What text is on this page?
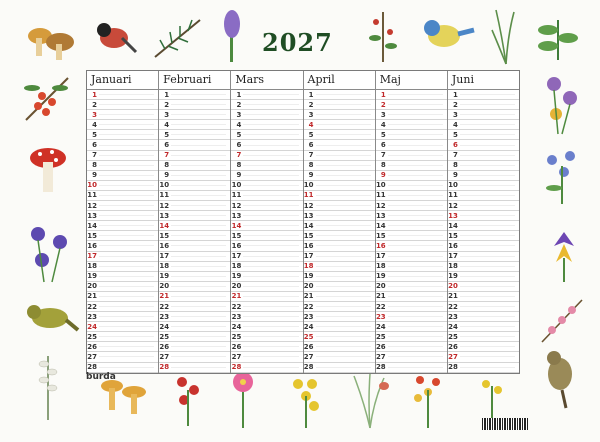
2027
Januari
1
2
3
4
5
6
7
8
9
10
11
12
13
14
15
16
17
18
19
20
21
22
23
24
25
26
27
28
Februari
1
2
3
4
5
6
7
8
9
10
11
12
13
14
15
16
17
18
19
20
21
22
23
24
25
26
27
28
Mars
1
2
3
4
5
6
7
8
9
10
11
12
13
14
15
16
17
18
19
20
21
22
23
24
25
26
27
28
April
1
2
3
4
5
6
7
8
9
10
11
12
13
14
15
16
17
18
19
20
21
22
23
24
25
26
27
28
Maj
1
2
3
4
5
6
7
8
9
10
11
12
13
14
15
16
17
18
19
20
21
22
23
24
25
26
27
28
Juni
1
2
3
4
5
6
7
8
9
10
11
12
13
14
15
16
17
18
19
20
21
22
23
24
25
26
27
28
burda
